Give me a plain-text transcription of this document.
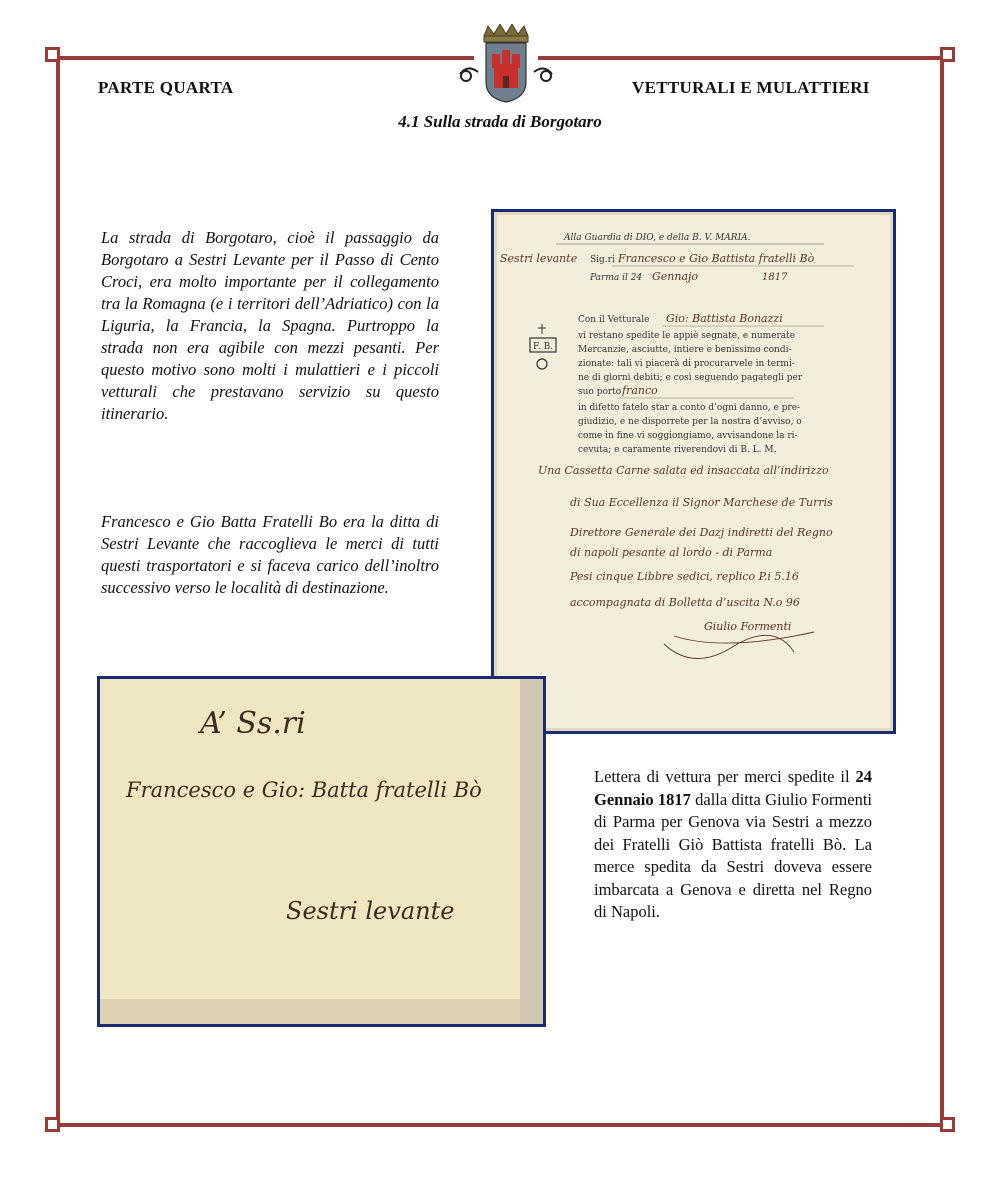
PARTE QUARTA	VETTURALI E MULATTIERI
4.1 Sulla strada di Borgotaro

La strada di Borgotaro, cioè il passaggio da Borgotaro a Sestri Levante per il Passo di Cento Croci, era molto importante per il collegamento tra la Romagna (e i territori dell’Adriatico) con la Liguria, la Francia, la Spagna. Purtroppo la strada non era agibile con mezzi pesanti. Per questo motivo sono molti i mulattieri e i piccoli vetturali che prestavano servizio su questo itinerario.

Francesco e Gio Batta Fratelli Bo era la ditta di Sestri Levante che raccoglieva le merci di tutti questi trasportatori e si faceva carico dell’inoltro successivo verso le località di destinazione.

Alla Guardia di DIO, e della B. V. MARIA.
Sestri levante Sig.ri Francesco e Gio Battista fratelli Bò
Parma il 24 Gennajo	1817
F. B.
Con il Vetturale Gio: Battista Bonazzi
vi restano spedite le appiè segnate, e numerate
Mercanzie, asciutte, intiere e benissimo condi-
zionate: tali vi piacerà di procurarvele in termi-
ne di giorni debiti; e così seguendo pagategli per
suo porto franco
in difetto fatelo star a conto d’ogni danno, e pre-
giudizio, e ne disporrete per la nostra d’avviso, o
come in fine vi soggiongiamo, avvisandone la ri-
cevuta; e caramente riverendovi di B. L. M.
Una Cassetta Carne salata ed insaccata all’indirizzo
di Sua Eccellenza il Signor Marchese de Turris
Direttore Generale dei Dazj indiretti del Regno
di napoli pesante al lordo - di Parma
Pesi cinque Libbre sedici, replico P.i 5.16
accompagnata di Bolletta d’uscita N.o 96
Giulio Formenti
A’ Ss.ri
Francesco e Gio: Batta fratelli Bò
Sestri levante

Lettera di vettura per merci spedite il 24 Gennaio 1817 dalla ditta Giulio Formenti di Parma per Genova via Sestri a mezzo dei Fratelli Giò Battista fratelli Bò. La merce spedita da Sestri doveva essere imbarcata a Genova e diretta nel Regno di Napoli.
